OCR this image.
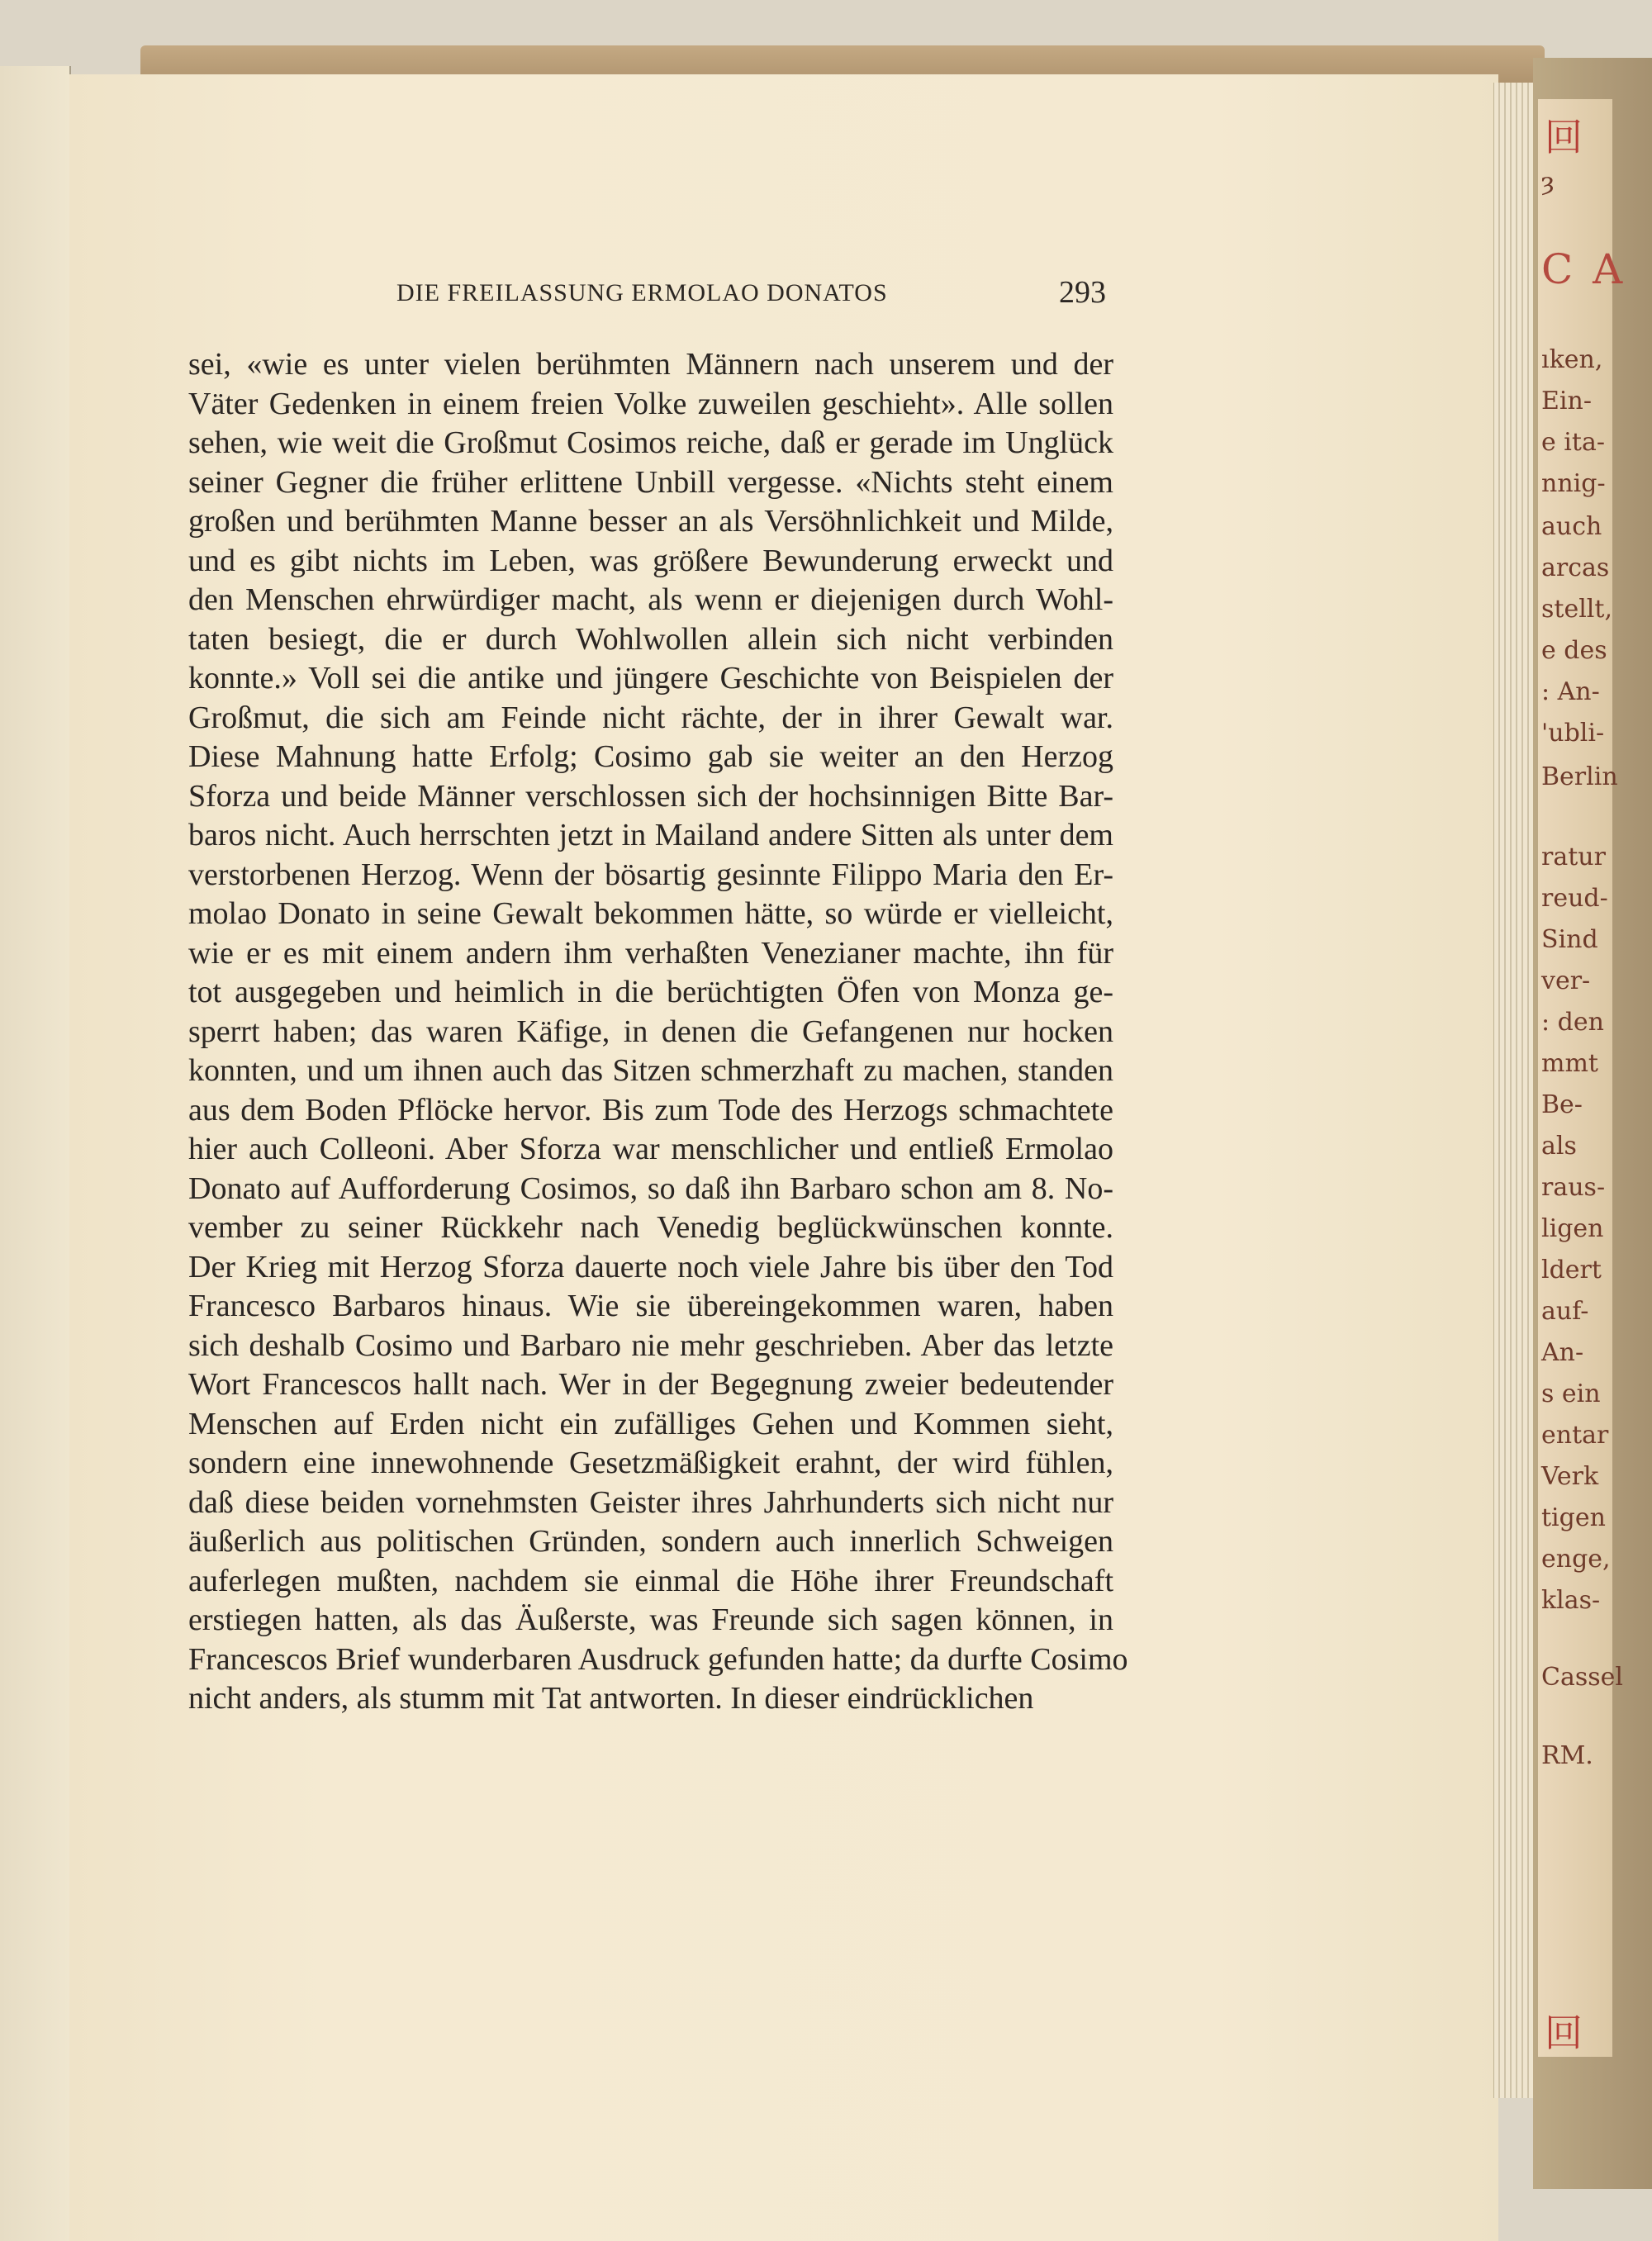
DIE FREILASSUNG ERMOLAO DONATOS	293
sei, «wie es unter vielen berühmten Männern nach unserem und der
Väter Gedenken in einem freien Volke zuweilen geschieht». Alle sollen
sehen, wie weit die Großmut Cosimos reiche, daß er gerade im Unglück
seiner Gegner die früher erlittene Unbill vergesse. «Nichts steht einem
großen und berühmten Manne besser an als Versöhnlichkeit und Milde,
und es gibt nichts im Leben, was größere Bewunderung erweckt und
den Menschen ehrwürdiger macht, als wenn er diejenigen durch Wohl-
taten besiegt, die er durch Wohlwollen allein sich nicht verbinden
konnte.» Voll sei die antike und jüngere Geschichte von Beispielen der
Großmut, die sich am Feinde nicht rächte, der in ihrer Gewalt war.
Diese Mahnung hatte Erfolg; Cosimo gab sie weiter an den Herzog
Sforza und beide Männer verschlossen sich der hochsinnigen Bitte Bar-
baros nicht. Auch herrschten jetzt in Mailand andere Sitten als unter dem
verstorbenen Herzog. Wenn der bösartig gesinnte Filippo Maria den Er-
molao Donato in seine Gewalt bekommen hätte, so würde er vielleicht,
wie er es mit einem andern ihm verhaßten Venezianer machte, ihn für
tot ausgegeben und heimlich in die berüchtigten Öfen von Monza ge-
sperrt haben; das waren Käfige, in denen die Gefangenen nur hocken
konnten, und um ihnen auch das Sitzen schmerzhaft zu machen, standen
aus dem Boden Pflöcke hervor. Bis zum Tode des Herzogs schmachtete
hier auch Colleoni. Aber Sforza war menschlicher und entließ Ermolao
Donato auf Aufforderung Cosimos, so daß ihn Barbaro schon am 8. No-
vember zu seiner Rückkehr nach Venedig beglückwünschen konnte.
Der Krieg mit Herzog Sforza dauerte noch viele Jahre bis über den Tod
Francesco Barbaros hinaus. Wie sie übereingekommen waren, haben
sich deshalb Cosimo und Barbaro nie mehr geschrieben. Aber das letzte
Wort Francescos hallt nach. Wer in der Begegnung zweier bedeutender
Menschen auf Erden nicht ein zufälliges Gehen und Kommen sieht,
sondern eine innewohnende Gesetzmäßigkeit erahnt, der wird fühlen,
daß diese beiden vornehmsten Geister ihres Jahrhunderts sich nicht nur
äußerlich aus politischen Gründen, sondern auch innerlich Schweigen
auferlegen mußten, nachdem sie einmal die Höhe ihrer Freundschaft
erstiegen hatten, als das Äußerste, was Freunde sich sagen können, in
Francescos Brief wunderbaren Ausdruck gefunden hatte; da durfte Cosimo
nicht anders, als stumm mit Tat antworten. In dieser eindrücklichen
回
回
ȝ
C A
ıken,
Ein-
e ita-
nnig-
auch
arcas
stellt,
e des
: An-
'ubli-
Berlin
ratur
reud-
Sind
ver-
: den
mmt
Be-
als
raus-
ligen
ldert
auf-
An-
s ein
entar
Verk
tigen
enge,
klas-
Cassel
RM.
